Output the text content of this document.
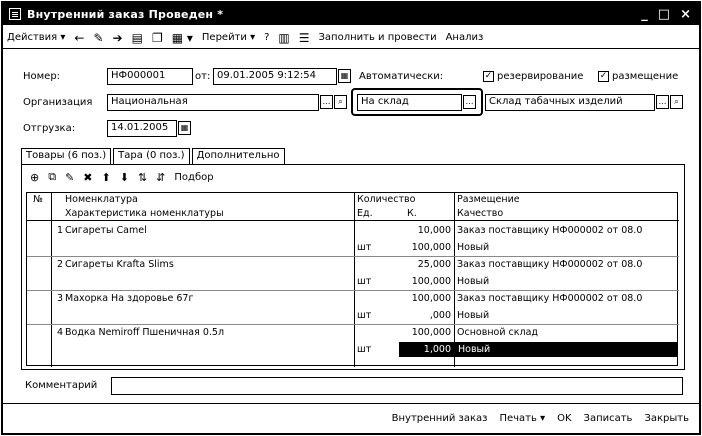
Внутренний заказ Проведен *	_ □ ×
Действия ▾ ← ✎ ➔ ▤ ❐ ▦ ▾ Перейти ▾ ? ▥ ☰ Заполнить и провести Анализ
Номер:	НФ000001	от: 09.01.2005 9:12:54	▦ Автоматически:	✓ резервирование ✓ размещение
Организация	Национальная	… ⌕	На склад	…	Склад табачных изделий	… ⌕
Отгрузка:	14.01.2005	▦
Товары (6 поз.)	Тара (0 поз.)	Дополнительно
⊕ ⧉ ✎ ✖ ⬆ ⬇ ⇅ ⇵ Подбор
№ Номенклатура	Количество	Размещение
Характеристика номенклатуры	Ед.	К.	Качество
1 Сигареты Camel	10,000 Заказ поставщику НФ000002 от 08.0
шт	100,000 Новый
2 Сигареты Kraftа Slims	25,000 Заказ поставщику НФ000002 от 08.0
шт	100,000 Новый
3 Махорка На здоровье 67г	100,000 Заказ поставщику НФ000002 от 08.0
шт	,000 Новый
4 Водка Nemiroff Пшеничная 0.5л	100,000 Основной склад
шт	1,000 Новый
Комментарий
Внутренний заказ Печать ▾ OK Записать Закрыть
